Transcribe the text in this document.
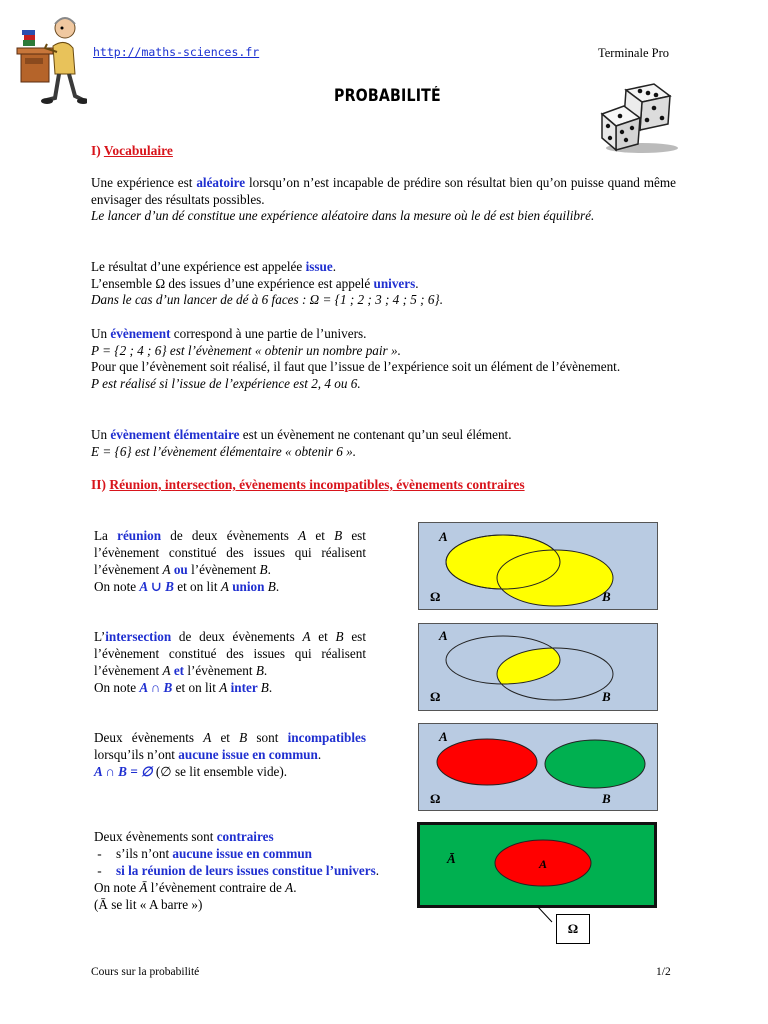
http://maths-sciences.fr	Terminale Pro
PROBABILITÉ
I) Vocabulaire

Une expérience est aléatoire lorsqu’on n’est incapable de prédire son résultat bien qu’on puisse quand même envisager des résultats possibles.
Le lancer d’un dé constitue une expérience aléatoire dans la mesure où le dé est bien équilibré.

Le résultat d’une expérience est appelée issue.
L’ensemble Ω des issues d’une expérience est appelé univers.
Dans le cas d’un lancer de dé à 6 faces : Ω = {1 ; 2 ; 3 ; 4 ; 5 ; 6}.

Un évènement correspond à une partie de l’univers.
P = {2 ; 4 ; 6} est l’évènement « obtenir un nombre pair ».
Pour que l’évènement soit réalisé, il faut que l’issue de l’expérience soit un élément de l’évènement.
P est réalisé si l’issue de l’expérience est 2, 4 ou 6.

Un évènement élémentaire est un évènement ne contenant qu’un seul élément.
E = {6} est l’évènement élémentaire « obtenir 6 ».

II) Réunion, intersection, évènements incompatibles, évènements contraires

La réunion de deux évènements A et B est l’évènement constitué des issues qui réalisent l’évènement A ou l’évènement B.
On note A ∪ B et on lit A union B.

A
Ω	B

L’intersection de deux évènements A et B est l’évènement constitué des issues qui réalisent l’évènement A et l’évènement B.
On note A ∩ B et on lit A inter B.

A
Ω	B

Deux évènements A et B sont incompatibles lorsqu’ils n’ont aucune issue en commun.
A ∩ B = ∅ (∅ se lit ensemble vide).

A
Ω	B
Deux évènements sont contraires
- s’ils n’ont aucune issue en commun
-	si la réunion de leurs issues constitue l’univers.
On note Ā l’évènement contraire de A.
(Ā se lit « A barre »)
Ā	A
Ω
Cours sur la probabilité	1/2
